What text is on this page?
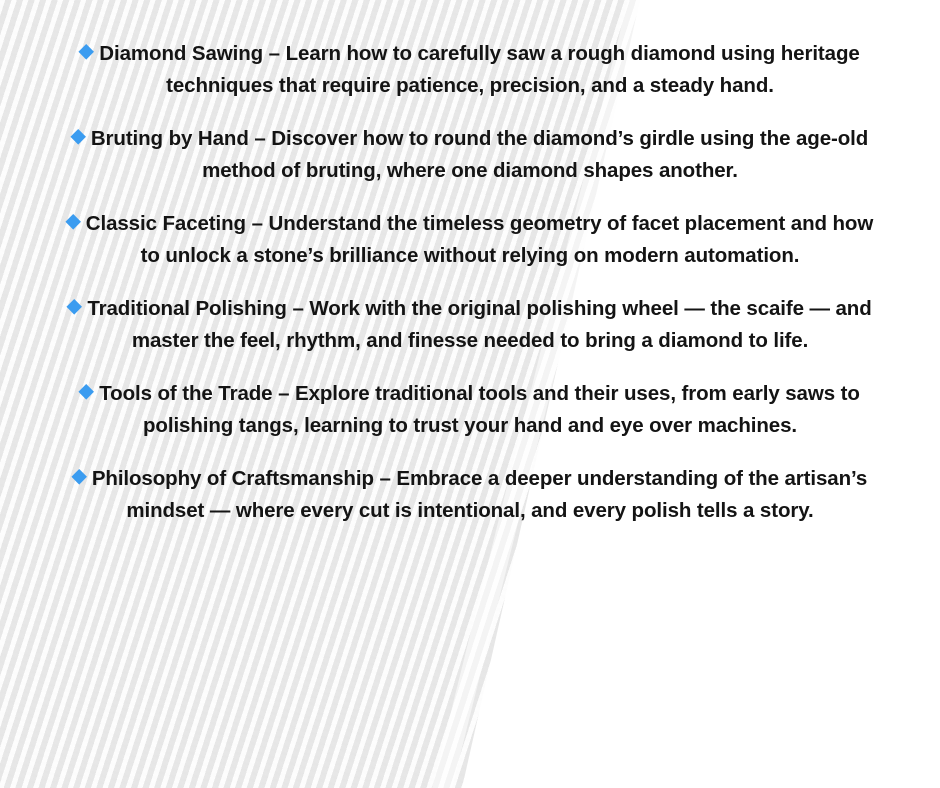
Diamond Sawing – Learn how to carefully saw a rough diamond using heritage techniques that require patience, precision, and a steady hand.

Bruting by Hand – Discover how to round the diamond’s girdle using the age-old method of bruting, where one diamond shapes another.

Classic Faceting – Understand the timeless geometry of facet placement and how to unlock a stone’s brilliance without relying on modern automation.

Traditional Polishing – Work with the original polishing wheel — the scaife — and master the feel, rhythm, and finesse needed to bring a diamond to life.

Tools of the Trade – Explore traditional tools and their uses, from early saws to polishing tangs, learning to trust your hand and eye over machines.

Philosophy of Craftsmanship – Embrace a deeper understanding of the artisan’s mindset — where every cut is intentional, and every polish tells a story.
